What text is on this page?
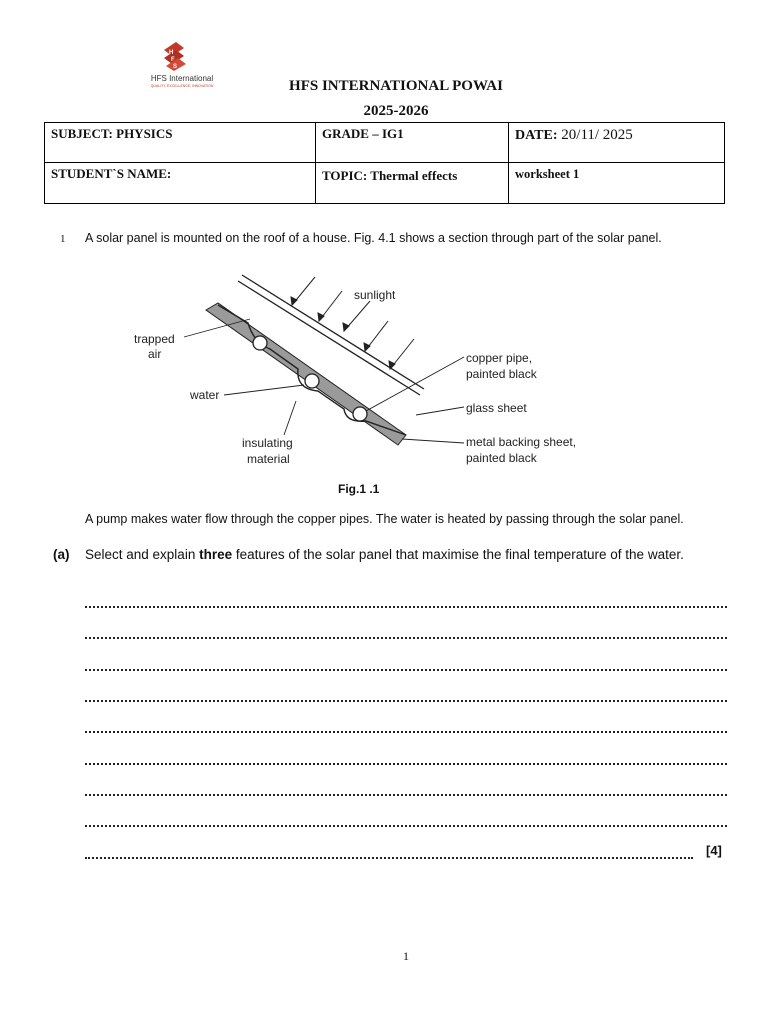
H
F
S
HFS International
QUALITY, EXCELLENCE, INNOVATION	HFS INTERNATIONAL POWAI
2025-2026
SUBJECT: PHYSICS	GRADE – IG1	DATE: 20/11/ 2025
STUDENT`S NAME:	TOPIC: Thermal effects	worksheet 1
1 A solar panel is mounted on the roof of a house. Fig. 4.1 shows a section through part of the solar panel.
sunlight
trapped air
water
insulating material
copper pipe, painted black
glass sheet
metal backing sheet, painted black
Fig.1 .1
A pump makes water flow through the copper pipes. The water is heated by passing through the solar panel.
(a) Select and explain three features of the solar panel that maximise the final temperature of the water.
[4]
1
